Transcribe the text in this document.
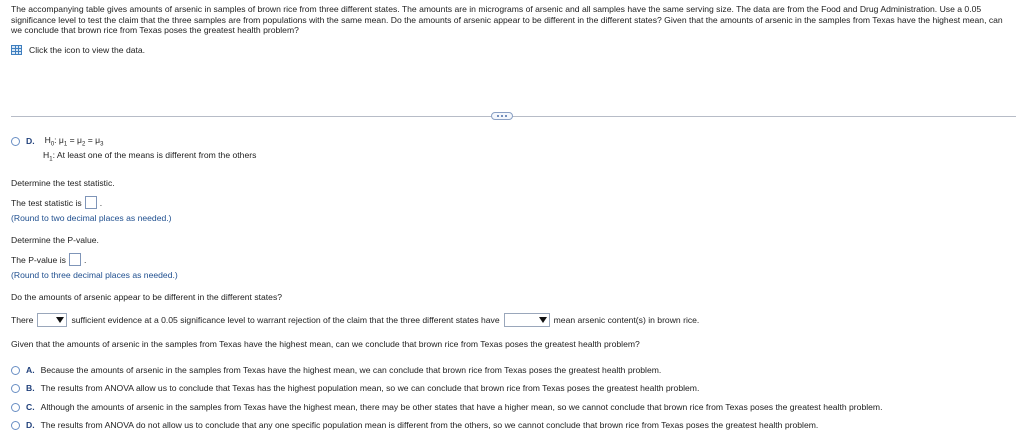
The accompanying table gives amounts of arsenic in samples of brown rice from three different states. The amounts are in micrograms of arsenic and all samples have the same serving size. The data are from the Food and Drug Administration. Use a 0.05 significance level to test the claim that the three samples are from populations with the same mean. Do the amounts of arsenic appear to be different in the different states? Given that the amounts of arsenic in the samples from Texas have the highest mean, can we conclude that brown rice from Texas poses the greatest health problem?
Click the icon to view the data.
D. $H_0$: $\mu_1 = \mu_2 = \mu_3$
$H_1$: At least one of the means is different from the others
Determine the test statistic.
The test statistic is .
(Round to two decimal places as needed.)
Determine the P-value.
The P-value is .
(Round to three decimal places as needed.)
Do the amounts of arsenic appear to be different in the different states?
There	sufficient evidence at a 0.05 significance level to warrant rejection of the claim that the three different states have	mean arsenic content(s) in brown rice.
Given that the amounts of arsenic in the samples from Texas have the highest mean, can we conclude that brown rice from Texas poses the greatest health problem?
A. Because the amounts of arsenic in the samples from Texas have the highest mean, we can conclude that brown rice from Texas poses the greatest health problem.
B. The results from ANOVA allow us to conclude that Texas has the highest population mean, so we can conclude that brown rice from Texas poses the greatest health problem.
C. Although the amounts of arsenic in the samples from Texas have the highest mean, there may be other states that have a higher mean, so we cannot conclude that brown rice from Texas poses the greatest health problem.
D. The results from ANOVA do not allow us to conclude that any one specific population mean is different from the others, so we cannot conclude that brown rice from Texas poses the greatest health problem.
